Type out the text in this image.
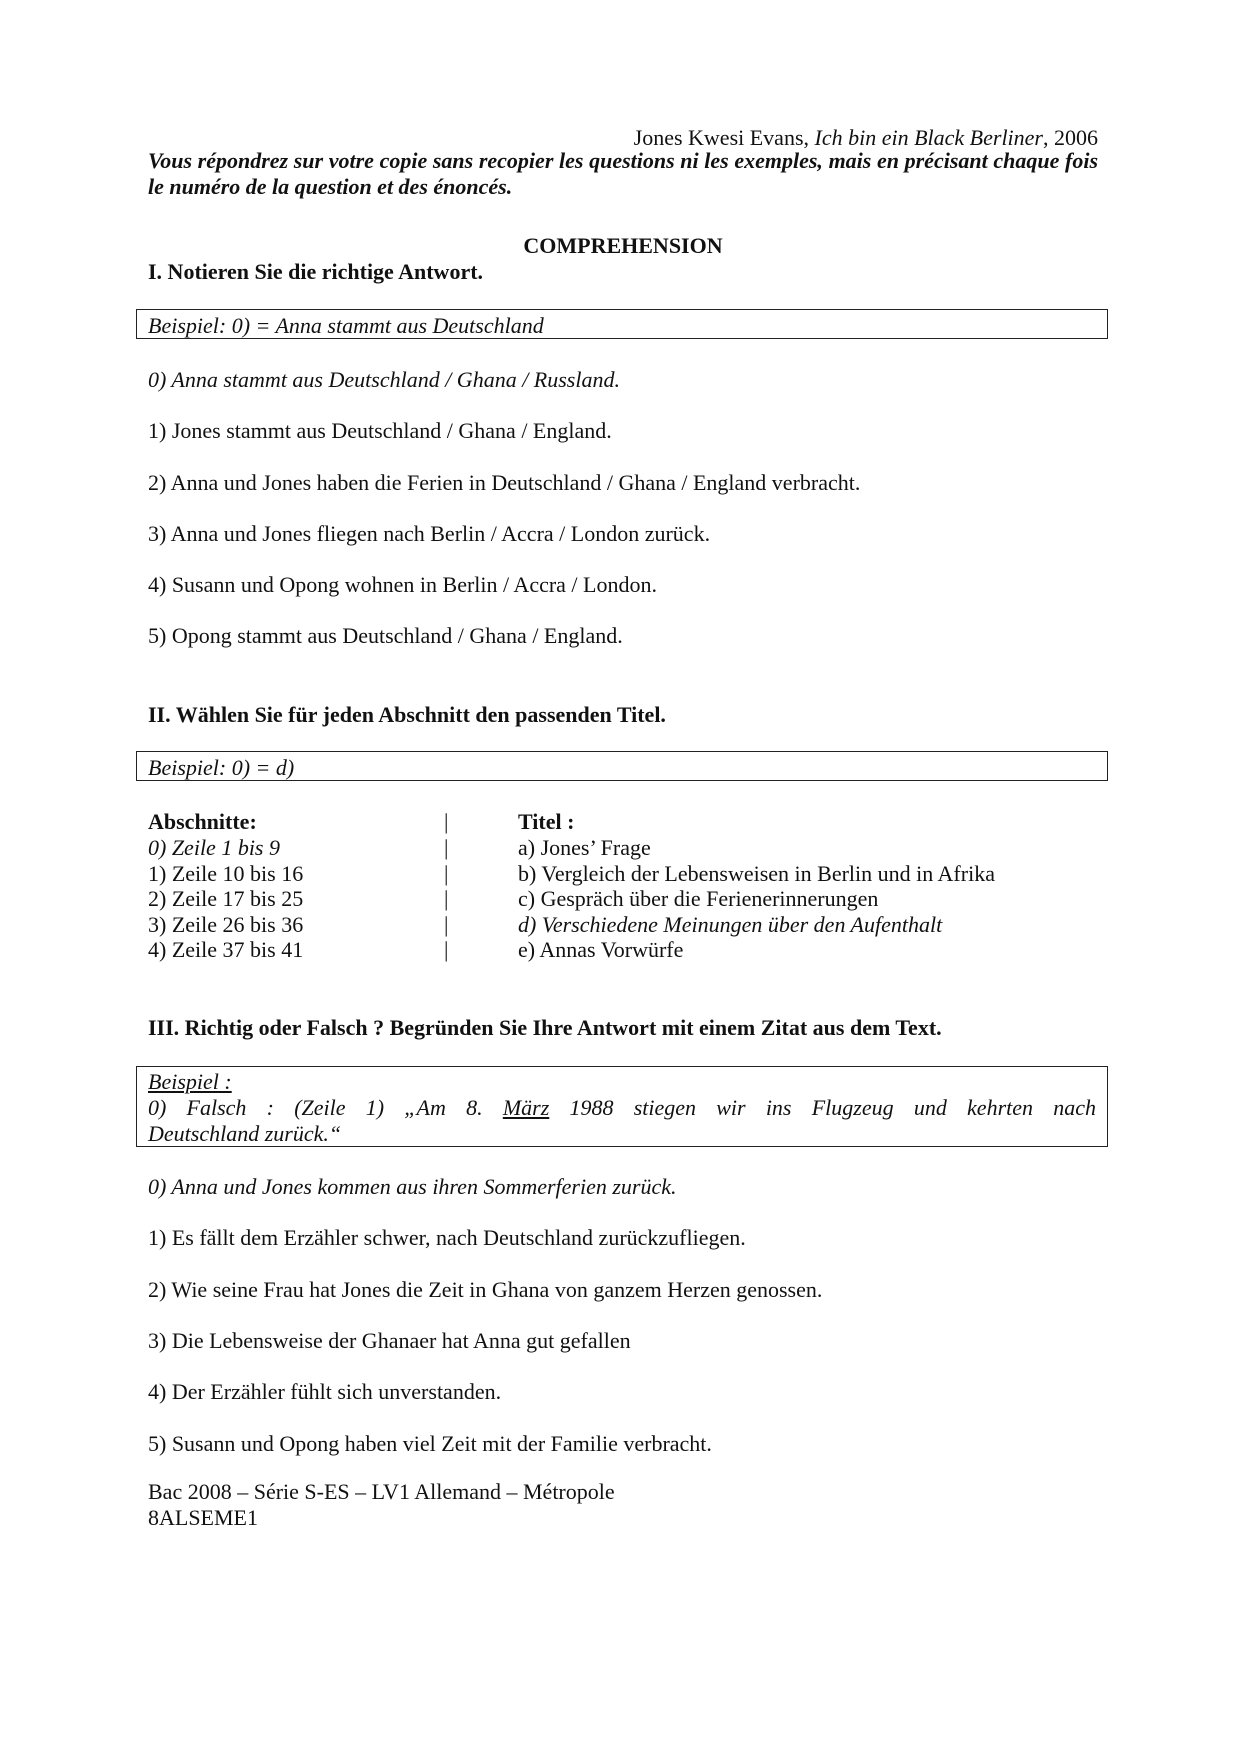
Jones Kwesi Evans, Ich bin ein Black Berliner, 2006
Vous répondrez sur votre copie sans recopier les questions ni les exemples, mais en précisant chaque fois le numéro de la question et des énoncés.
COMPREHENSION
I. Notieren Sie die richtige Antwort.
Beispiel: 0) = Anna stammt aus Deutschland
0) Anna stammt aus Deutschland / Ghana / Russland.
1) Jones stammt aus Deutschland / Ghana / England.
2) Anna und Jones haben die Ferien in Deutschland / Ghana / England verbracht.
3) Anna und Jones fliegen nach Berlin / Accra / London zurück.
4) Susann und Opong wohnen in Berlin / Accra / London.
5) Opong stammt aus Deutschland / Ghana / England.
II. Wählen Sie für jeden Abschnitt den passenden Titel.
Beispiel: 0) = d)
Abschnitte:	|	Titel :
0) Zeile 1 bis 9	|	a) Jones’ Frage
1) Zeile 10 bis 16	|	b) Vergleich der Lebensweisen in Berlin und in Afrika
2) Zeile 17 bis 25	|	c) Gespräch über die Ferienerinnerungen
3) Zeile 26 bis 36	|	d) Verschiedene Meinungen über den Aufenthalt
4) Zeile 37 bis 41	|	e) Annas Vorwürfe
III. Richtig oder Falsch ? Begründen Sie Ihre Antwort mit einem Zitat aus dem Text.

Beispiel :

0) Falsch : (Zeile 1) „Am 8. März 1988 stiegen wir ins Flugzeug und kehrten nach

Deutschland zurück.“

0) Anna und Jones kommen aus ihren Sommerferien zurück.
1) Es fällt dem Erzähler schwer, nach Deutschland zurückzufliegen.
2) Wie seine Frau hat Jones die Zeit in Ghana von ganzem Herzen genossen.
3) Die Lebensweise der Ghanaer hat Anna gut gefallen
4) Der Erzähler fühlt sich unverstanden.
5) Susann und Opong haben viel Zeit mit der Familie verbracht.
Bac 2008 – Série S-ES – LV1 Allemand – Métropole
8ALSEME1
